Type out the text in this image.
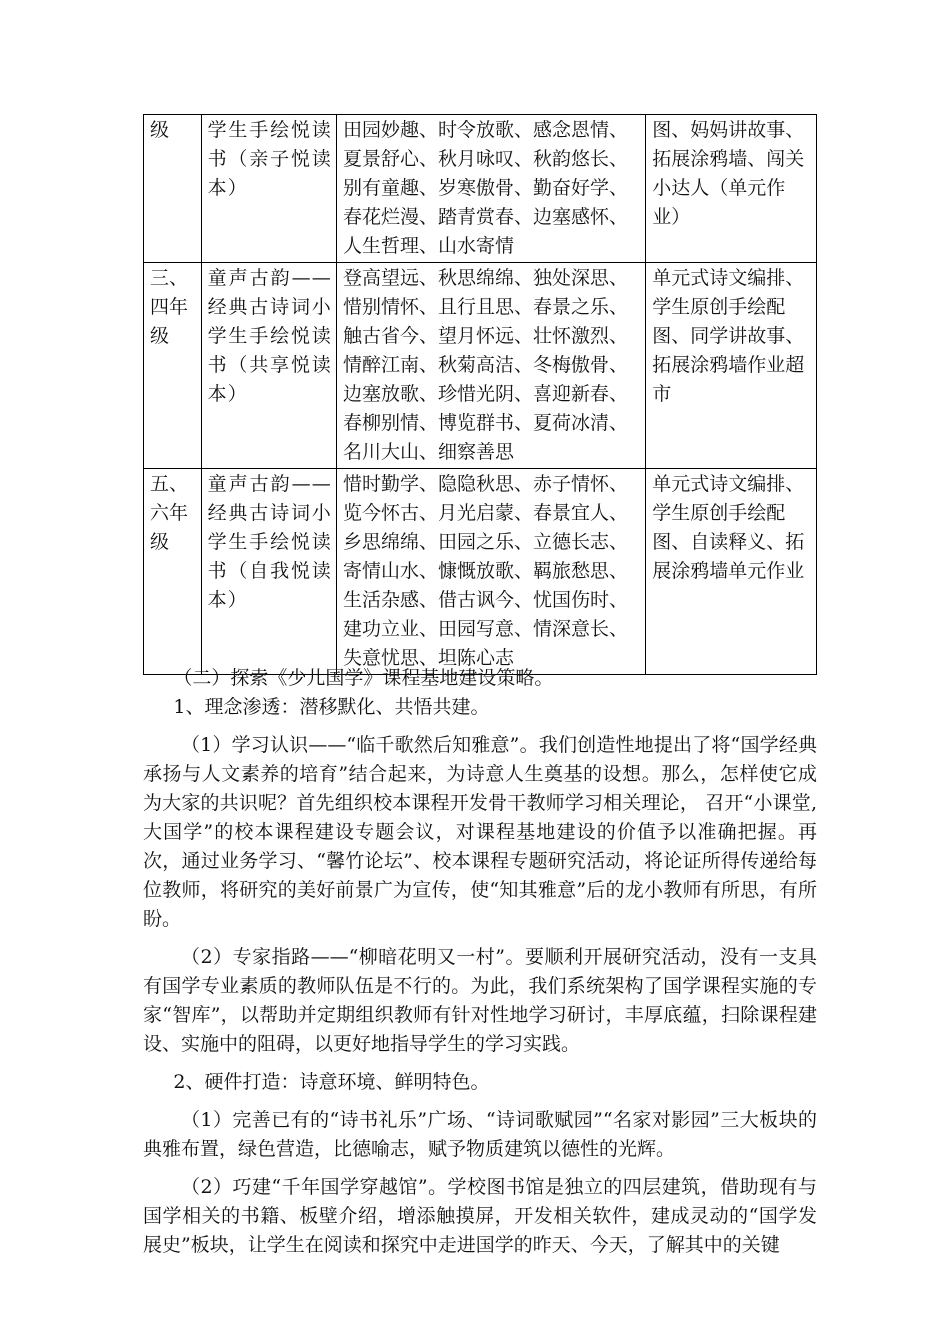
级	学生手绘悦读书（亲子悦读本）	田园妙趣、时令放歌、感念恩情、夏景舒心、秋月咏叹、秋韵悠长、别有童趣、岁寒傲骨、勤奋好学、春花烂漫、踏青赏春、边塞感怀、人生哲理、山水寄情	图、妈妈讲故事、拓展涂鸦墙、闯关小达人（单元作业）
三、四年级	童声古韵——经典古诗词小学生手绘悦读书（共享悦读本）	登高望远、秋思绵绵、独处深思、惜别情怀、且行且思、春景之乐、触古省今、望月怀远、壮怀激烈、情醉江南、秋菊高洁、冬梅傲骨、边塞放歌、珍惜光阴、喜迎新春、春柳别情、博览群书、夏荷冰清、名川大山、细察善思	单元式诗文编排、学生原创手绘配图、同学讲故事、拓展涂鸦墙作业超市
五、六年级	童声古韵——经典古诗词小学生手绘悦读书（自我悦读本）	惜时勤学、隐隐秋思、赤子情怀、览今怀古、月光启蒙、春景宜人、乡思绵绵、田园之乐、立德长志、寄情山水、慷慨放歌、羁旅愁思、生活杂感、借古讽今、忧国伤时、建功立业、田园写意、情深意长、失意忧思、坦陈心志	单元式诗文编排、学生原创手绘配图、自读释义、拓展涂鸦墙单元作业

（二）探索《少儿国学》课程基地建设策略。

1、理念渗透：潜移默化、共悟共建。

（1）学习认识——“临千歌然后知雅意”。我们创造性地提出了将“国学经典承扬与人文素养的培育”结合起来，为诗意人生奠基的设想。那么，怎样使它成为大家的共识呢？首先组织校本课程开发骨干教师学习相关理论， 召开“小课堂,大国学”的校本课程建设专题会议，对课程基地建设的价值予以准确把握。再次，通过业务学习、“馨竹论坛”、校本课程专题研究活动，将论证所得传递给每位教师，将研究的美好前景广为宣传，使“知其雅意”后的龙小教师有所思，有所盼。

（2）专家指路——“柳暗花明又一村”。要顺利开展研究活动，没有一支具有国学专业素质的教师队伍是不行的。为此，我们系统架构了国学课程实施的专家“智库”，以帮助并定期组织教师有针对性地学习研讨，丰厚底蕴，扫除课程建设、实施中的阻碍，以更好地指导学生的学习实践。

2、硬件打造：诗意环境、鲜明特色。

（1）完善已有的“诗书礼乐”广场、“诗词歌赋园”“名家对影园”三大板块的典雅布置，绿色营造，比德喻志，赋予物质建筑以德性的光辉。

（2）巧建“千年国学穿越馆”。学校图书馆是独立的四层建筑，借助现有与国学相关的书籍、板壁介绍，增添触摸屏，开发相关软件，建成灵动的“国学发展史”板块，让学生在阅读和探究中走进国学的昨天、今天，了解其中的关键
